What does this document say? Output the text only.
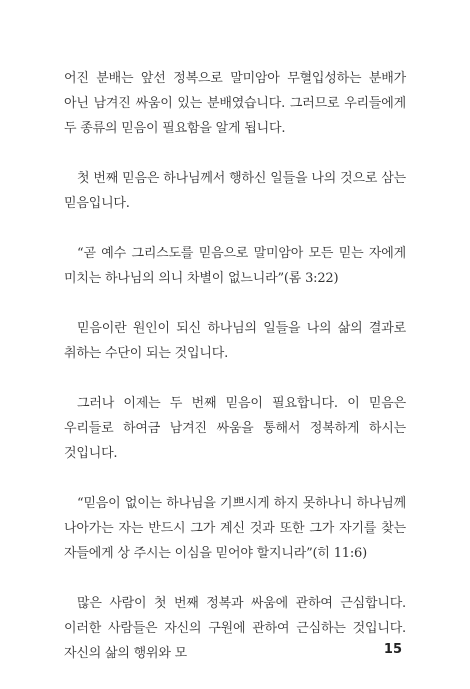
어진 분배는 앞선 정복으로 말미암아 무혈입성하는 분배가 아닌 남겨진 싸움이 있는 분배였습니다. 그러므로 우리들에게 두 종류의 믿음이 필요함을 알게 됩니다.

첫 번째 믿음은 하나님께서 행하신 일들을 나의 것으로 삼는 믿음입니다.

“곧 예수 그리스도를 믿음으로 말미암아 모든 믿는 자에게 미치는 하나님의 의니 차별이 없느니라”(롬 3:22)

믿음이란 원인이 되신 하나님의 일들을 나의 삶의 결과로 취하는 수단이 되는 것입니다.

그러나 이제는 두 번째 믿음이 필요합니다. 이 믿음은 우리들로 하여금 남겨진 싸움을 통해서 정복하게 하시는 것입니다.

“믿음이 없이는 하나님을 기쁘시게 하지 못하나니 하나님께 나아가는 자는 반드시 그가 계신 것과 또한 그가 자기를 찾는 자들에게 상 주시는 이심을 믿어야 할지니라”(히 11:6)

많은 사람이 첫 번째 정복과 싸움에 관하여 근심합니다. 이러한 사람들은 자신의 구원에 관하여 근심하는 것입니다. 자신의 삶의 행위와 모	15
